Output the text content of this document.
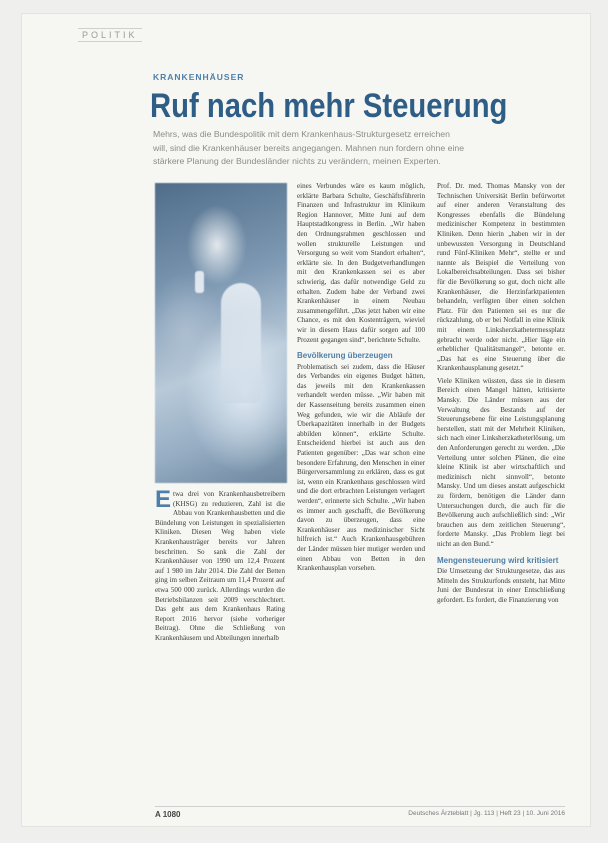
POLITIK
KRANKENHÄUSER
Ruf nach mehr Steuerung
Mehrs, was die Bundespolitik mit dem Krankenhaus-Strukturgesetz erreichen will, sind die Krankenhäuser bereits angegangen. Mahnen nun fordern ohne eine stärkere Planung der Bundesländer nichts zu verändern, meinen Experten.
E twa drei von Krankenhausbetreibern (KHSG) zu reduzieren, Zahl ist die Abbau von Krankenhausbetten und die Bündelung von Leistungen in spezialisierten Kliniken. Diesen Weg haben viele Krankenhausträger bereits vor Jahren beschritten. So sank die Zahl der Krankenhäuser von 1990 um 12,4 Prozent auf 1 980 im Jahr 2014. Die Zahl der Betten ging im selben Zeitraum um 11,4 Prozent auf etwa 500 000 zurück. Allerdings wurden die Betriebsbilanzen seit 2009 verschlechtert. Das geht aus dem Krankenhaus Rating Report 2016 hervor (siehe vorheriger Beitrag). Ohne die Schließung von Krankenhäusern und Abteilungen innerhalb

eines Verbundes wäre es kaum möglich, erklärte Barbara Schulte, Geschäftsführerin Finanzen und Infrastruktur im Klinikum Region Hannover, Mitte Juni auf dem Hauptstadtkongress in Berlin. „Wir haben den Ordnungsrahmen geschlossen und wollen strukturelle Leistungen und Versorgung so weit vom Standort erhalten“, erklärte sie. In den Budgetverhandlungen mit den Krankenkassen sei es aber schwierig, das dafür notwendige Geld zu erhalten. Zudem habe der Verband zwei Krankenhäuser in einem Neubau zusammengeführt. „Das jetzt haben wir eine Chance, es mit den Kostenträgern, wieviel wir in diesem Haus dafür sorgen auf 100 Prozent gegangen sind“, berichtete Schulte.

Bevölkerung überzeugen

Problematisch sei zudem, dass die Häuser des Verbandes ein eigenes Budget hätten, das jeweils mit den Krankenkassen verhandelt werden müsse. „Wir haben mit der Kassenseitung bereits zusammen einen Weg gefunden, wie wir die Abläufe der Überkapazitäten innerhalb in der Budgets abbilden können“, erklärte Schulte. Entscheidend hierbei ist auch aus den Patienten gegenüber: „Das war schon eine besondere Erfahrung, den Menschen in einer Bürgerversammlung zu erklären, dass es gut ist, wenn ein Krankenhaus geschlossen wird und die dort erbrachten Leistungen verlagert werden“, erinnerte sich Schulte. „Wir haben es immer auch geschafft, die Bevölkerung davon zu überzeugen, dass eine Krankenhäuser aus medizinischer Sicht hilfreich ist.“ Auch Krankenhausgebühren der Länder müssen hier mutiger werden und einen Abbau von Betten in den Krankenhausplan vorsehen.

Prof. Dr. med. Thomas Mansky von der Technischen Universität Berlin befürwortet auf einer anderen Veranstaltung des Kongresses ebenfalls die Bündelung medizinischer Kompetenz in bestimmten Kliniken. Denn hierin „haben wir in der unbewussten Versorgung in Deutschland rund Fünf-Kliniken Mehr“, stellte er und nannte als Beispiel die Verteilung von Lokalbereichsabteilungen. Dass sei bisher für die Bevölkerung so gut, doch nicht alle Krankenhäuser, die Herzinfarktpatienten behandeln, verfügten über einen solchen Platz. Für den Patienten sei es nur die rückzahlung, ob er bei Notfall in eine Klinik mit einem Linksherzkathetermessplatz gebracht werde oder nicht. „Hier läge ein erheblicher Qualitätsmangel“, betonte er. „Das hat es eine Steuerung über die Krankenhausplanung gesetzt.“

Viele Kliniken wüssten, dass sie in diesem Bereich einen Mangel hätten, kritisierte Mansky. Die Länder müssen aus der Verwaltung des Bestands auf der Steuerungsebene für eine Leistungsplanung herstellen, statt mit der Mehrheit Kliniken, sich nach einer Linksherzkatheterlösung, um den Anforderungen gerecht zu werden. „Die Verteilung unter solchen Plänen, die eine kleine Klinik ist aber wirtschaftlich und medizinisch nicht sinnvoll“, betonte Mansky. Und um dieses anstatt aufgeschickt zu fördern, benötigen die Länder dann Untersuchungen durch, die auch für die Bevölkerung auch aufschließlich sind: „Wir brauchen aus dem zeitlichen Steuerung“, forderte Mansky. „Das Problem liegt bei nicht an den Bund.“

Mengensteuerung wird kritisiert

Die Umsetzung der Strukturgesetze, das aus Mitteln des Strukturfonds entsteht, hat Mitte Juni der Bundesrat in einer Entschließung gefordert. Es fordert, die Finanzierung von

A 1080	Deutsches Ärzteblatt | Jg. 113 | Heft 23 | 10. Juni 2016
